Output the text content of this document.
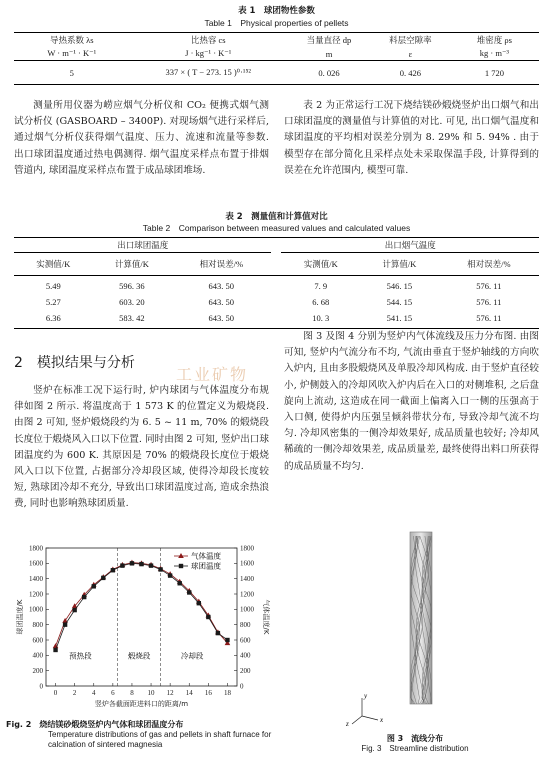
表 1　球团物性参数
Table 1　Physical properties of pellets
导热系数 λs	比热容 cs	当量直径 dp	料层空隙率	堆密度 ρs
W · m⁻¹ · K⁻¹	J · kg⁻¹ · K⁻¹	m	ε	kg · m⁻³
5	337 × ( T − 273. 15 )⁰·¹⁵²	0. 026	0. 426	1 720
测量所用仪器为崂应烟气分析仪和 CO₂ 便携式烟气测试分析仪 (GASBOARD – 3400P). 对现场烟气进行采样后, 通过烟气分析仪获得烟气温度、压力、流速和流量等参数. 出口球团温度通过热电偶测得. 烟气温度采样点布置于排烟管道内, 球团温度采样点布置于成品球团堆场.
表 2 为正常运行工况下烧结镁砂煅烧竖炉出口烟气和出口球团温度的测量值与计算值的对比. 可见, 出口烟气温度和球团温度的平均相对误差分别为 8. 29% 和 5. 94% . 由于模型存在部分简化且采样点处未采取保温手段, 计算得到的误差在允许范围内, 模型可靠.
表 2　测量值和计算值对比
Table 2　Comparison between measured values and calculated values
出口球团温度				出口烟气温度		
实测值/K	计算值/K	相对误差/%		实测值/K	计算值/K	相对误差/%
5.49	596. 36	643. 50		7. 9	546. 15	576. 11
5.27	603. 20	643. 50		6. 68	544. 15	576. 11
6.36	583. 42	643. 50		10. 3	541. 15	576. 11
2　模拟结果与分析
竖炉在标准工况下运行时, 炉内球团与气体温度分布规律如图 2 所示. 将温度高于 1 573 K 的位置定义为煅烧段. 由图 2 可知, 竖炉煅烧段约为 6. 5 ~ 11 m, 70% 的煅烧段长度位于煅烧风入口以下位置. 同时由图 2 可知, 竖炉出口球团温度约为 600 K. 其原因是 70% 的煅烧段长度位于煅烧风入口以下位置, 占据部分冷却段区域, 使得冷却段长度较短, 熟球团冷却不充分, 导致出口球团温度过高, 造成余热浪费, 同时也影响熟球团质量.
图 3 及图 4 分别为竖炉内气体流线及压力分布图. 由图可知, 竖炉内气流分布不均, 气流由垂直于竖炉轴线的方向吹入炉内, 且由多股煅烧风及单股冷却风构成. 由于竖炉直径较小, 炉侧鼓入的冷却风吹入炉内后在入口的对侧堆积, 之后盘旋向上流动, 这造成在同一截面上偏离入口一侧的压强高于入口侧, 使得炉内压强呈倾斜带状分布, 导致冷却气流不均匀. 冷却风密集的一侧冷却效果好, 成品质量也较好; 冷却风稀疏的一侧冷却效果差, 成品质量差, 最终使得出料口所获得的成品质量不均匀.
工业矿物
预热段	煅烧段	冷却段
0	0
200	200
400	400
600	600
800	800
1000	1000
1200	1200
1400	1400
1600	1600
1800	1800
0 2 4 6 8 10 12 14 16 18
球团温度/K	气体温度/K
竖炉各截面距进料口的距离/m
气体温度
球团温度
Fig. 2　烧结镁砂煅烧竖炉内气体和球团温度分布
Temperature distributions of gas and pellets in shaft furnace for calcination of sintered magnesia
y
x
z
图 3　流线分布
Fig. 3　Streamline distribution
